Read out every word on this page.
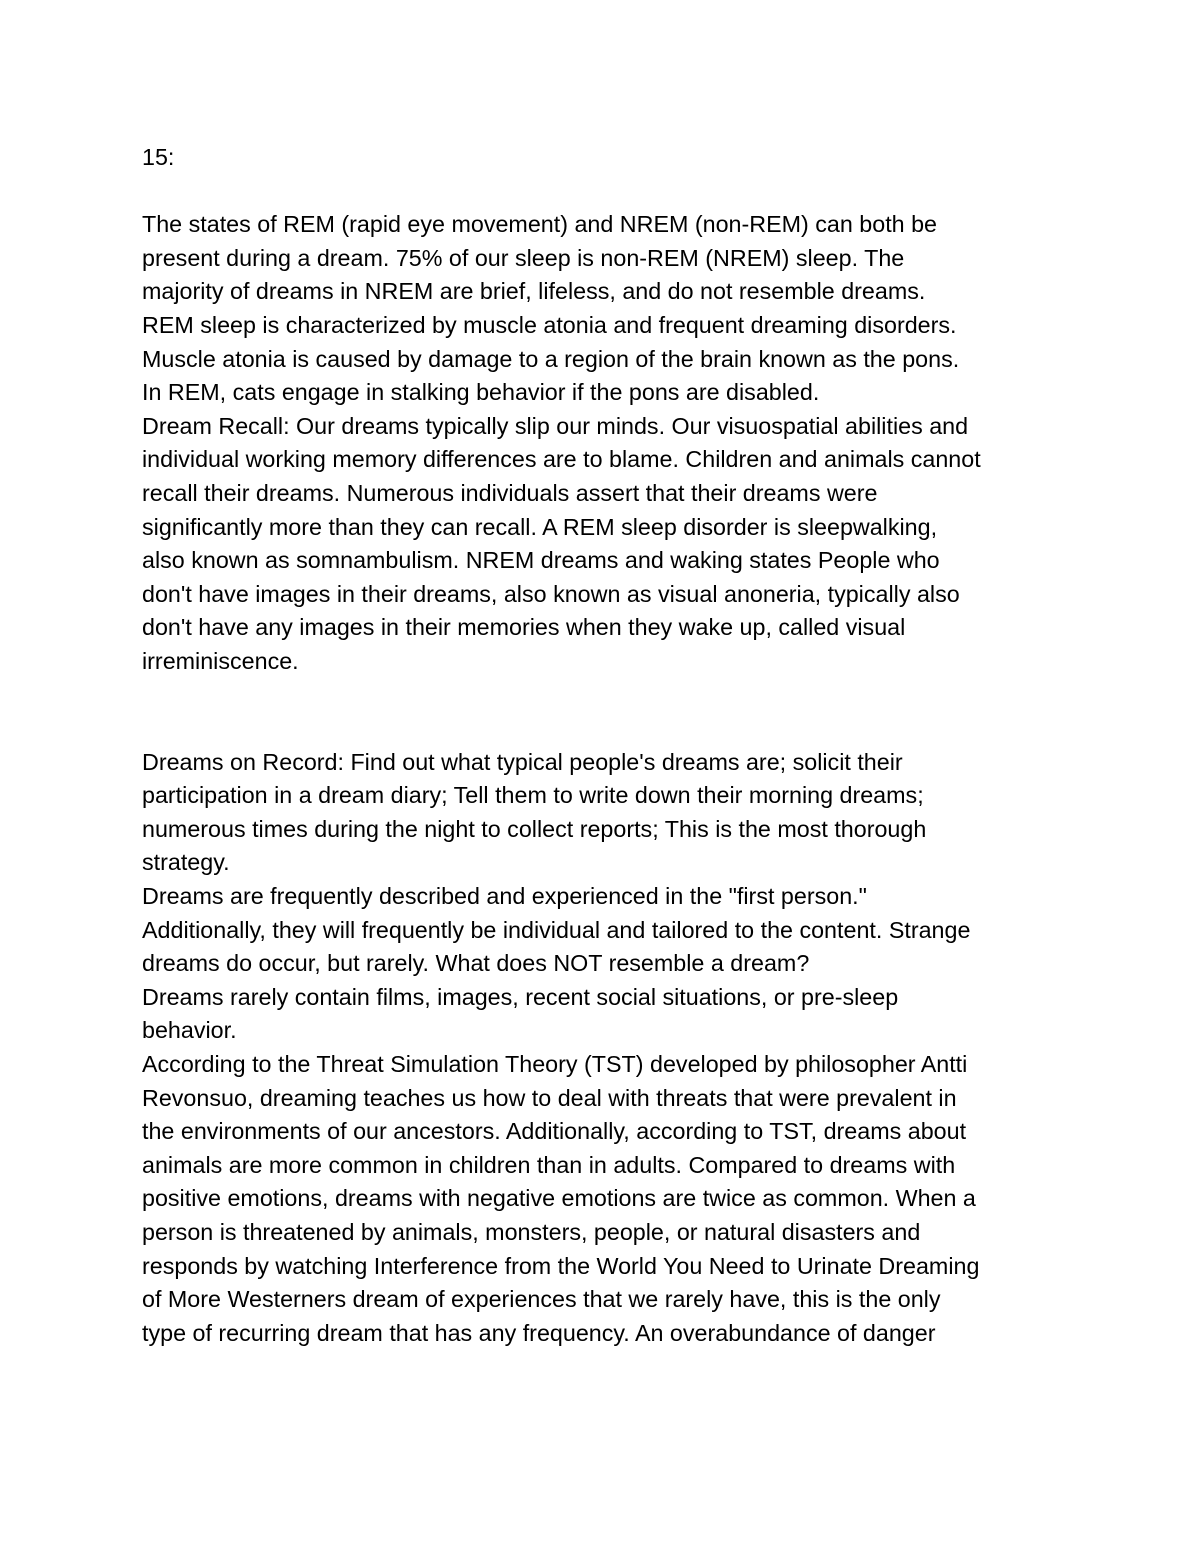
15:
The states of REM (rapid eye movement) and NREM (non-REM) can both be
present during a dream. 75% of our sleep is non-REM (NREM) sleep. The
majority of dreams in NREM are brief, lifeless, and do not resemble dreams.
REM sleep is characterized by muscle atonia and frequent dreaming disorders.
Muscle atonia is caused by damage to a region of the brain known as the pons.
In REM, cats engage in stalking behavior if the pons are disabled.
Dream Recall: Our dreams typically slip our minds. Our visuospatial abilities and
individual working memory differences are to blame. Children and animals cannot
recall their dreams. Numerous individuals assert that their dreams were
significantly more than they can recall. A REM sleep disorder is sleepwalking,
also known as somnambulism. NREM dreams and waking states People who
don't have images in their dreams, also known as visual anoneria, typically also
don't have any images in their memories when they wake up, called visual
irreminiscence.
Dreams on Record: Find out what typical people's dreams are; solicit their
participation in a dream diary; Tell them to write down their morning dreams;
numerous times during the night to collect reports; This is the most thorough
strategy.
Dreams are frequently described and experienced in the "first person."
Additionally, they will frequently be individual and tailored to the content. Strange
dreams do occur, but rarely. What does NOT resemble a dream?
Dreams rarely contain films, images, recent social situations, or pre-sleep
behavior.
According to the Threat Simulation Theory (TST) developed by philosopher Antti
Revonsuo, dreaming teaches us how to deal with threats that were prevalent in
the environments of our ancestors. Additionally, according to TST, dreams about
animals are more common in children than in adults. Compared to dreams with
positive emotions, dreams with negative emotions are twice as common. When a
person is threatened by animals, monsters, people, or natural disasters and
responds by watching Interference from the World You Need to Urinate Dreaming
of More Westerners dream of experiences that we rarely have, this is the only
type of recurring dream that has any frequency. An overabundance of danger
